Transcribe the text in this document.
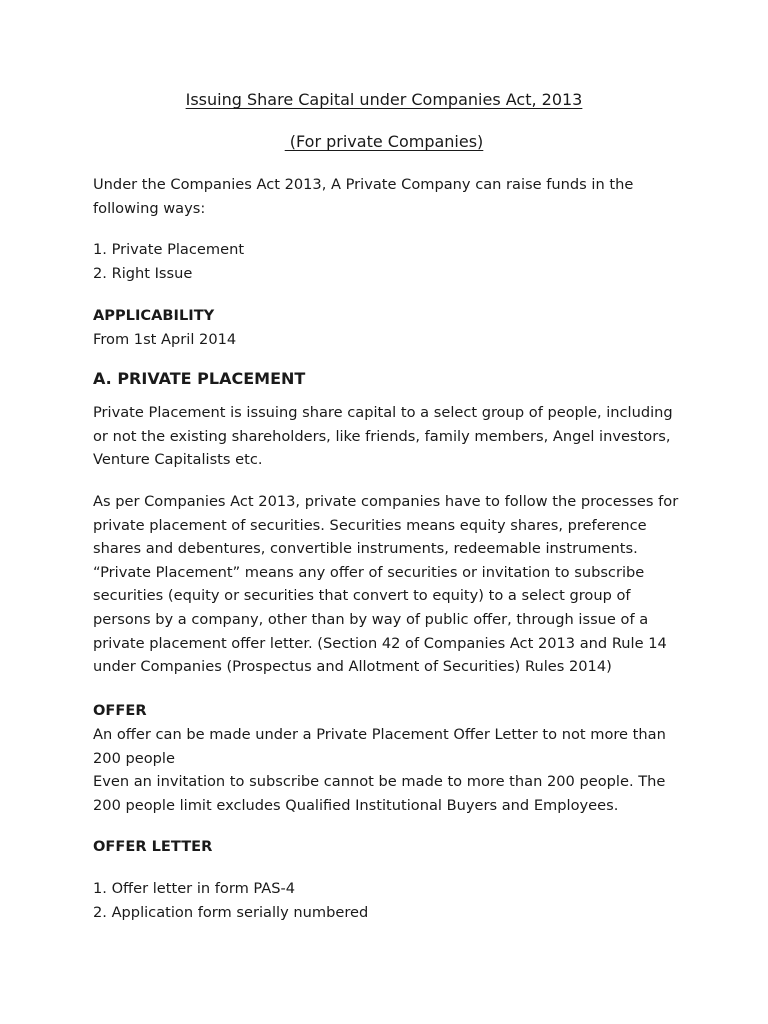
Issuing Share Capital under Companies Act, 2013
(For private Companies)

Under the Companies Act 2013, A Private Company can raise funds in the
following ways:

1. Private Placement
2. Right Issue

APPLICABILITY

From 1st April 2014

A. PRIVATE PLACEMENT

Private Placement is issuing share capital to a select group of people, including
or not the existing shareholders, like friends, family members, Angel investors,
Venture Capitalists etc.

As per Companies Act 2013, private companies have to follow the processes for
private placement of securities. Securities means equity shares, preference
shares and debentures, convertible instruments, redeemable instruments.
“Private Placement” means any offer of securities or invitation to subscribe
securities (equity or securities that convert to equity) to a select group of
persons by a company, other than by way of public offer, through issue of a
private placement offer letter. (Section 42 of Companies Act 2013 and Rule 14
under Companies (Prospectus and Allotment of Securities) Rules 2014)

OFFER

An offer can be made under a Private Placement Offer Letter to not more than
200 people
Even an invitation to subscribe cannot be made to more than 200 people. The
200 people limit excludes Qualified Institutional Buyers and Employees.

OFFER LETTER

1. Offer letter in form PAS-4
2. Application form serially numbered
